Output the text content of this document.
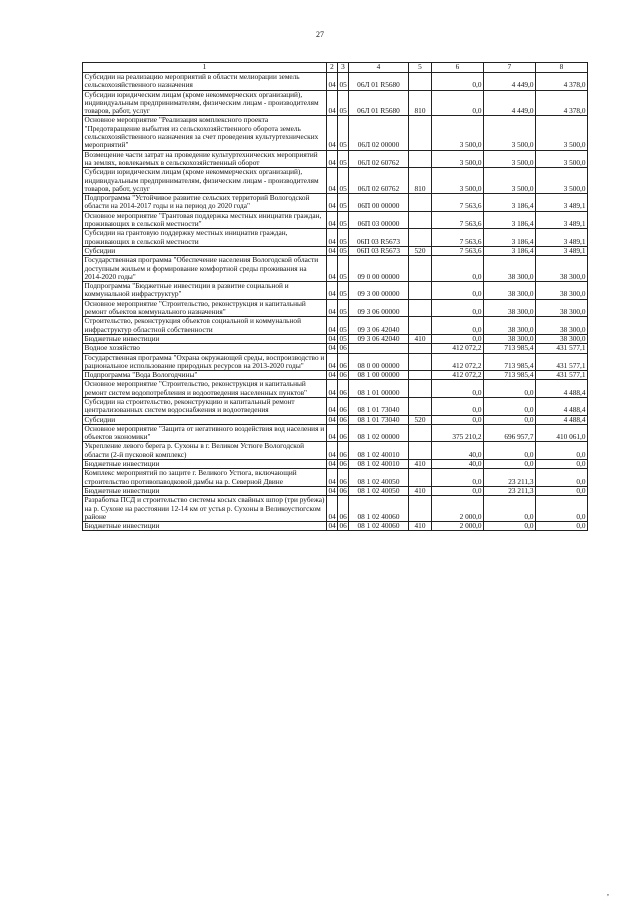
27
1	2	3	4	5	6	7	8
Субсидии на реализацию мероприятий в области мелиорации земель сельскохозяйственного назначения	04	05	06Л 01 R5680		0,0	4 449,0	4 378,0
Субсидии юридическим лицам (кроме некоммерческих организаций), индивидуальным предпринимателям, физическим лицам - производителям товаров, работ, услуг	04	05	06Л 01 R5680	810	0,0	4 449,0	4 378,0
Основное мероприятие "Реализация комплексного проекта "Предотвращение выбытия из сельскохозяйственного оборота земель сельскохозяйственного назначения за счет проведения культуртехнических мероприятий"	04	05	06Л 02 00000		3 500,0	3 500,0	3 500,0
Возмещение части затрат на проведение культуртехнических мероприятий на землях, вовлекаемых в сельскохозяйственный оборот	04	05	06Л 02 60762		3 500,0	3 500,0	3 500,0
Субсидии юридическим лицам (кроме некоммерческих организаций), индивидуальным предпринимателям, физическим лицам - производителям товаров, работ, услуг	04	05	06Л 02 60762	810	3 500,0	3 500,0	3 500,0
Подпрограмма "Устойчивое развитие сельских территорий Вологодской области на 2014-2017 годы и на период до 2020 года"	04	05	06П 00 00000		7 563,6	3 186,4	3 489,1
Основное мероприятие "Грантовая поддержка местных инициатив граждан, проживающих в сельской местности"	04	05	06П 03 00000		7 563,6	3 186,4	3 489,1
Субсидии на грантовую поддержку местных инициатив граждан, проживающих в сельской местности	04	05	06П 03 R5673		7 563,6	3 186,4	3 489,1
Субсидии	04	05	06П 03 R5673	520	7 563,6	3 186,4	3 489,1
Государственная программа "Обеспечение населения Вологодской области доступным жильем и формирование комфортной среды проживания на 2014-2020 годы"	04	05	09 0 00 00000		0,0	38 300,0	38 300,0
Подпрограмма "Бюджетные инвестиции в развитие социальной и коммунальной инфраструктур"	04	05	09 3 00 00000		0,0	38 300,0	38 300,0
Основное мероприятие "Строительство, реконструкция и капитальный ремонт объектов коммунального назначения"	04	05	09 3 06 00000		0,0	38 300,0	38 300,0
Строительство, реконструкция объектов социальной и коммунальной инфраструктур областной собственности	04	05	09 3 06 42040		0,0	38 300,0	38 300,0
Бюджетные инвестиции	04	05	09 3 06 42040	410	0,0	38 300,0	38 300,0
Водное хозяйство	04	06			412 072,2	713 985,4	431 577,1
Государственная программа "Охрана окружающей среды, воспроизводство и рациональное использование природных ресурсов на 2013-2020 годы"	04	06	08 0 00 00000		412 072,2	713 985,4	431 577,1
Подпрограмма "Вода Вологодчины"	04	06	08 1 00 00000		412 072,2	713 985,4	431 577,1
Основное мероприятие "Строительство, реконструкция и капитальный ремонт систем водопотребления и водоотведения населенных пунктов"	04	06	08 1 01 00000		0,0	0,0	4 488,4
Субсидии на строительство, реконструкцию и капитальный ремонт централизованных систем водоснабжения и водоотведения	04	06	08 1 01 73040		0,0	0,0	4 488,4
Субсидии	04	06	08 1 01 73040	520	0,0	0,0	4 488,4
Основное мероприятие "Защита от негативного воздействия вод населения и объектов экономики"	04	06	08 1 02 00000		375 210,2	696 957,7	410 061,0
Укрепление левого берега р. Сухоны в г. Великом Устюге Вологодской области (2-й пусковой комплекс)	04	06	08 1 02 40010		40,0	0,0	0,0
Бюджетные инвестиции	04	06	08 1 02 40010	410	40,0	0,0	0,0
Комплекс мероприятий по защите г. Великого Устюга, включающий строительство противопаводковой дамбы на р. Северной Двине	04	06	08 1 02 40050		0,0	23 211,3	0,0
Бюджетные инвестиции	04	06	08 1 02 40050	410	0,0	23 211,3	0,0
Разработка ПСД и строительство системы косых свайных шпор (три рубежа) на р. Сухоне на расстоянии 12-14 км от устья р. Сухоны в Великоустюгском районе	04	06	08 1 02 40060		2 000,0	0,0	0,0
Бюджетные инвестиции	04	06	08 1 02 40060	410	2 000,0	0,0	0,0
,
